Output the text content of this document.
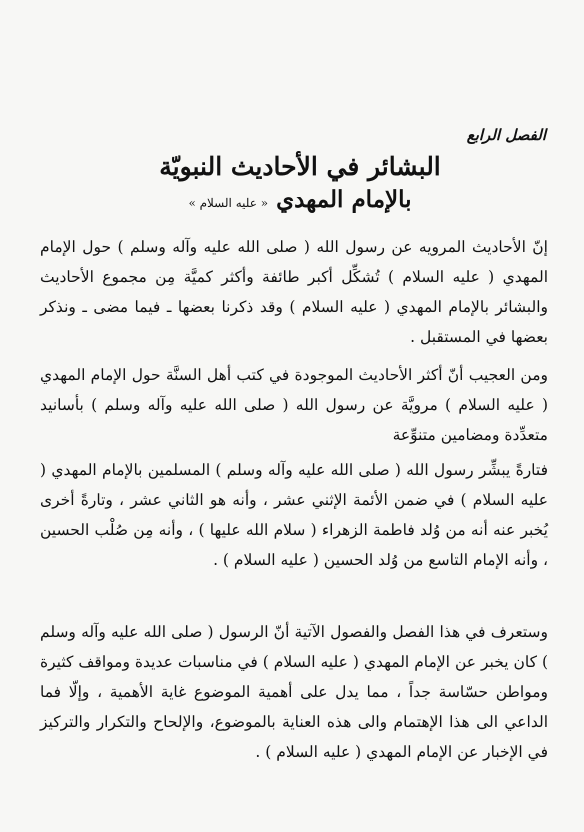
الفصل الرابع
البشائر في الأحاديث النبويّة
بالإمام المهدي « عليه السلام »

إنّ الأحاديث المرويه عن رسول الله ( صلى الله عليه وآله وسلم ) حول الإمام المهدي ( عليه السلام ) تُشكِّل أكبر طائفة وأكثر كميَّة مِن مجموع الأحاديث والبشائر بالإمام المهدي ( عليه السلام ) وقد ذكرنا بعضها ـ فيما مضى ـ ونذكر بعضها في المستقبل .

ومن العجيب أنّ أكثر الأحاديث الموجودة في كتب أهل السنَّة حول الإمام المهدي ( عليه السلام ) مرويَّة عن رسول الله ( صلى الله عليه وآله وسلم ) بأسانيد متعدِّدة ومضامين متنوِّعة

فتارةً يبشِّر رسول الله ( صلى الله عليه وآله وسلم ) المسلمين بالإمام المهدي ( عليه السلام ) في ضمن الأئمة الإثني عشر ، وأنه هو الثاني عشر ، وتارةً أخرى يُخبر عنه أنه من وُلد فاطمة الزهراء ( سلام الله عليها ) ، وأنه مِن صُلْب الحسين ، وأنه الإمام التاسع من وُلد الحسين ( عليه السلام ) .

وستعرف في هذا الفصل والفصول الآتية أنّ الرسول ( صلى الله عليه وآله وسلم ) كان يخبر عن الإمام المهدي ( عليه السلام ) في مناسبات عديدة ومواقف كثيرة ومواطن حسّاسة جداً ، مما يدل على أهمية الموضوع غاية الأهمية ، وإلّا فما الداعي الى هذا الإهتمام والى هذه العناية بالموضوع، والإلحاح والتكرار والتركيز في الإخبار عن الإمام المهدي ( عليه السلام ) .
